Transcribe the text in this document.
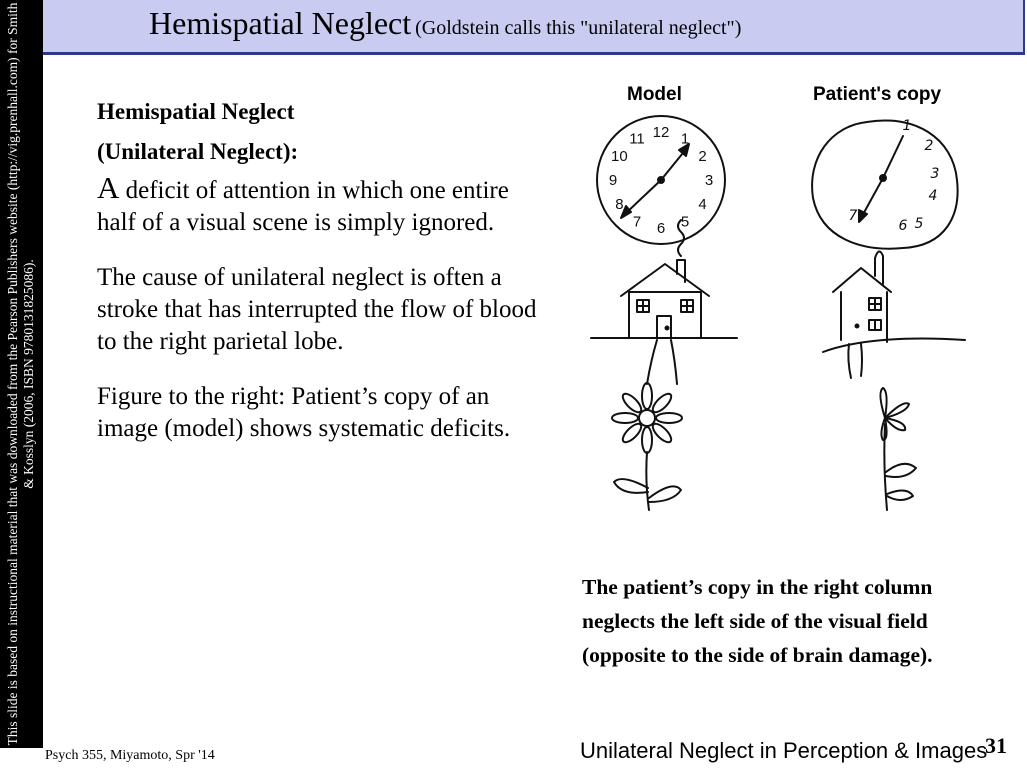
This slide is based on instructional material that was downloaded from the Pearson Publishers website (http://vig.prenhall.com) for Smith & Kosslyn (2006, ISBN 9780131825086).
Hemispatial Neglect (Goldstein calls this "unilateral neglect")
Hemispatial Neglect
(Unilateral Neglect):

A deficit of attention in which one entire half of a visual scene is simply ignored.

The cause of unilateral neglect is often a stroke that has interrupted the flow of blood to the right parietal lobe.

Figure to the right: Patient’s copy of an image (model) shows systematic deficits.

Model	Patient's copy
12 1
2
3
4
5
6
7
8
9
10
11
1
2
3
4
5
6
7
The patient’s copy in the right column neglects the left side of the visual field (opposite to the side of brain damage).
Psych 355, Miyamoto, Spr '14	Unilateral Neglect in Perception & Images
31
